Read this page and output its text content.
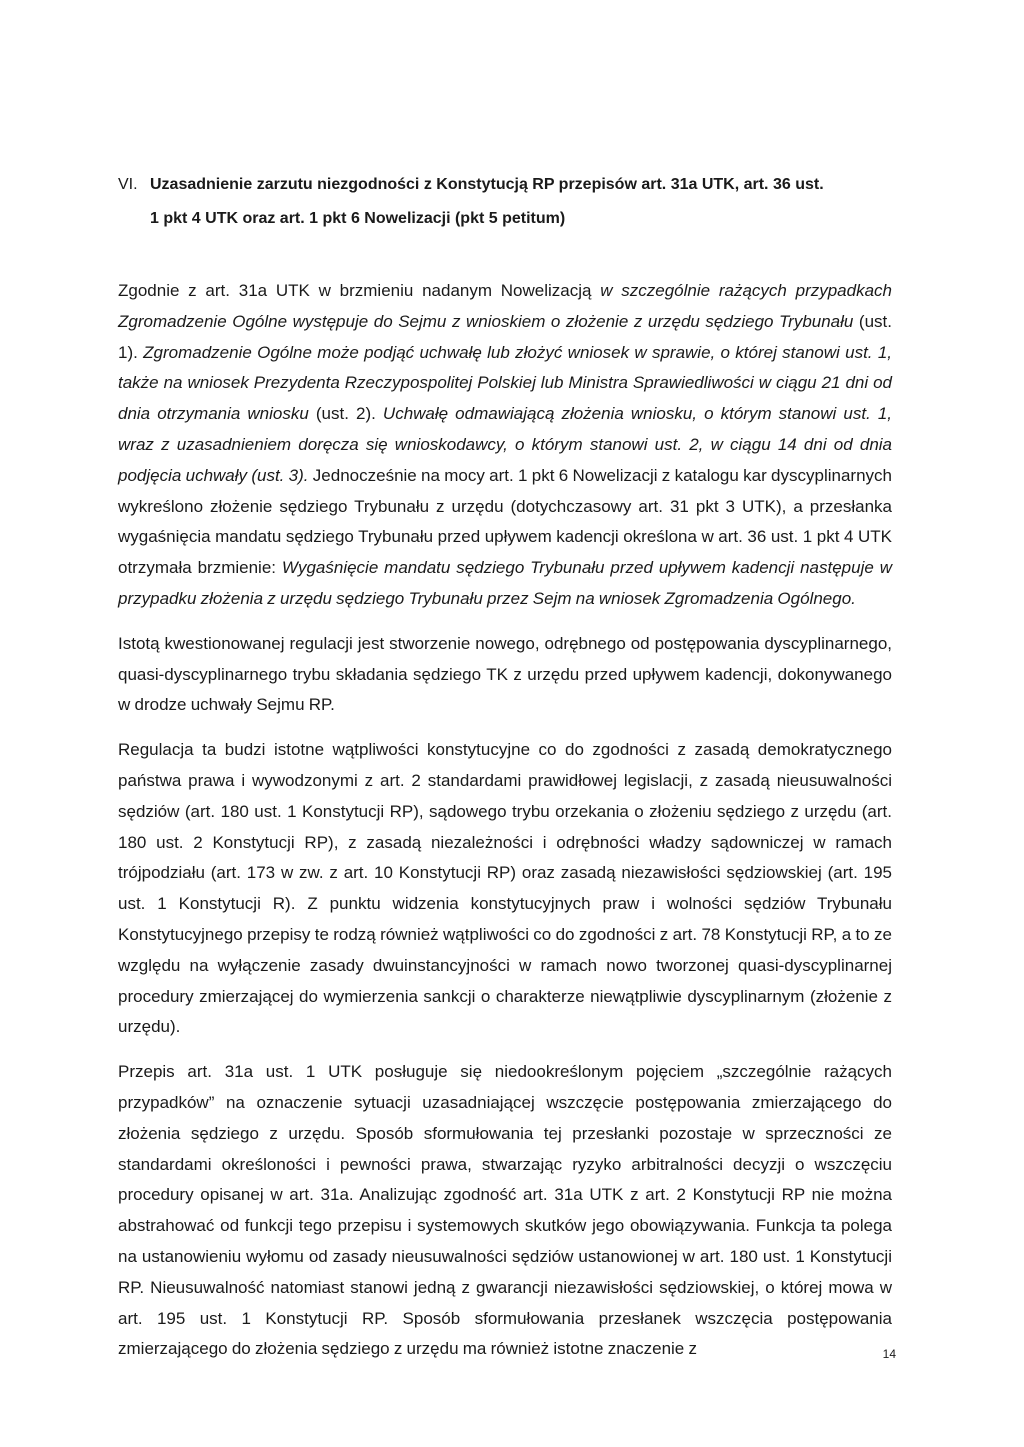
VI. Uzasadnienie zarzutu niezgodności z Konstytucją RP przepisów art. 31a UTK, art. 36 ust.
1 pkt 4 UTK oraz art. 1 pkt 6 Nowelizacji (pkt 5 petitum)

Zgodnie z art. 31a UTK w brzmieniu nadanym Nowelizacją w szczególnie rażących przypadkach Zgromadzenie Ogólne występuje do Sejmu z wnioskiem o złożenie z urzędu sędziego Trybunału (ust. 1). Zgromadzenie Ogólne może podjąć uchwałę lub złożyć wniosek w sprawie, o której stanowi ust. 1, także na wniosek Prezydenta Rzeczypospolitej Polskiej lub Ministra Sprawiedliwości w ciągu 21 dni od dnia otrzymania wniosku (ust. 2). Uchwałę odmawiającą złożenia wniosku, o którym stanowi ust. 1, wraz z uzasadnieniem doręcza się wnioskodawcy, o którym stanowi ust. 2, w ciągu 14 dni od dnia podjęcia uchwały (ust. 3). Jednocześnie na mocy art. 1 pkt 6 Nowelizacji z katalogu kar dyscyplinarnych wykreślono złożenie sędziego Trybunału z urzędu (dotychczasowy art. 31 pkt 3 UTK), a przesłanka wygaśnięcia mandatu sędziego Trybunału przed upływem kadencji określona w art. 36 ust. 1 pkt 4 UTK otrzymała brzmienie: Wygaśnięcie mandatu sędziego Trybunału przed upływem kadencji następuje w przypadku złożenia z urzędu sędziego Trybunału przez Sejm na wniosek Zgromadzenia Ogólnego.

Istotą kwestionowanej regulacji jest stworzenie nowego, odrębnego od postępowania dyscyplinarnego, quasi-dyscyplinarnego trybu składania sędziego TK z urzędu przed upływem kadencji, dokonywanego w drodze uchwały Sejmu RP.

Regulacja ta budzi istotne wątpliwości konstytucyjne co do zgodności z zasadą demokratycznego państwa prawa i wywodzonymi z art. 2 standardami prawidłowej legislacji, z zasadą nieusuwalności sędziów (art. 180 ust. 1 Konstytucji RP), sądowego trybu orzekania o złożeniu sędziego z urzędu (art. 180 ust. 2 Konstytucji RP), z zasadą niezależności i odrębności władzy sądowniczej w ramach trójpodziału (art. 173 w zw. z art. 10 Konstytucji RP) oraz zasadą niezawisłości sędziowskiej (art. 195 ust. 1 Konstytucji R). Z punktu widzenia konstytucyjnych praw i wolności sędziów Trybunału Konstytucyjnego przepisy te rodzą również wątpliwości co do zgodności z art. 78 Konstytucji RP, a to ze względu na wyłączenie zasady dwuinstancyjności w ramach nowo tworzonej quasi-dyscyplinarnej procedury zmierzającej do wymierzenia sankcji o charakterze niewątpliwie dyscyplinarnym (złożenie z urzędu).

Przepis art. 31a ust. 1 UTK posługuje się niedookreślonym pojęciem „szczególnie rażących przypadków” na oznaczenie sytuacji uzasadniającej wszczęcie postępowania zmierzającego do złożenia sędziego z urzędu. Sposób sformułowania tej przesłanki pozostaje w sprzeczności ze standardami określoności i pewności prawa, stwarzając ryzyko arbitralności decyzji o wszczęciu procedury opisanej w art. 31a. Analizując zgodność art. 31a UTK z art. 2 Konstytucji RP nie można abstrahować od funkcji tego przepisu i systemowych skutków jego obowiązywania. Funkcja ta polega na ustanowieniu wyłomu od zasady nieusuwalności sędziów ustanowionej w art. 180 ust. 1 Konstytucji RP. Nieusuwalność natomiast stanowi jedną z gwarancji niezawisłości sędziowskiej, o której mowa w art. 195 ust. 1 Konstytucji RP. Sposób sformułowania przesłanek wszczęcia postępowania zmierzającego do złożenia sędziego z urzędu ma również istotne znaczenie z	14
